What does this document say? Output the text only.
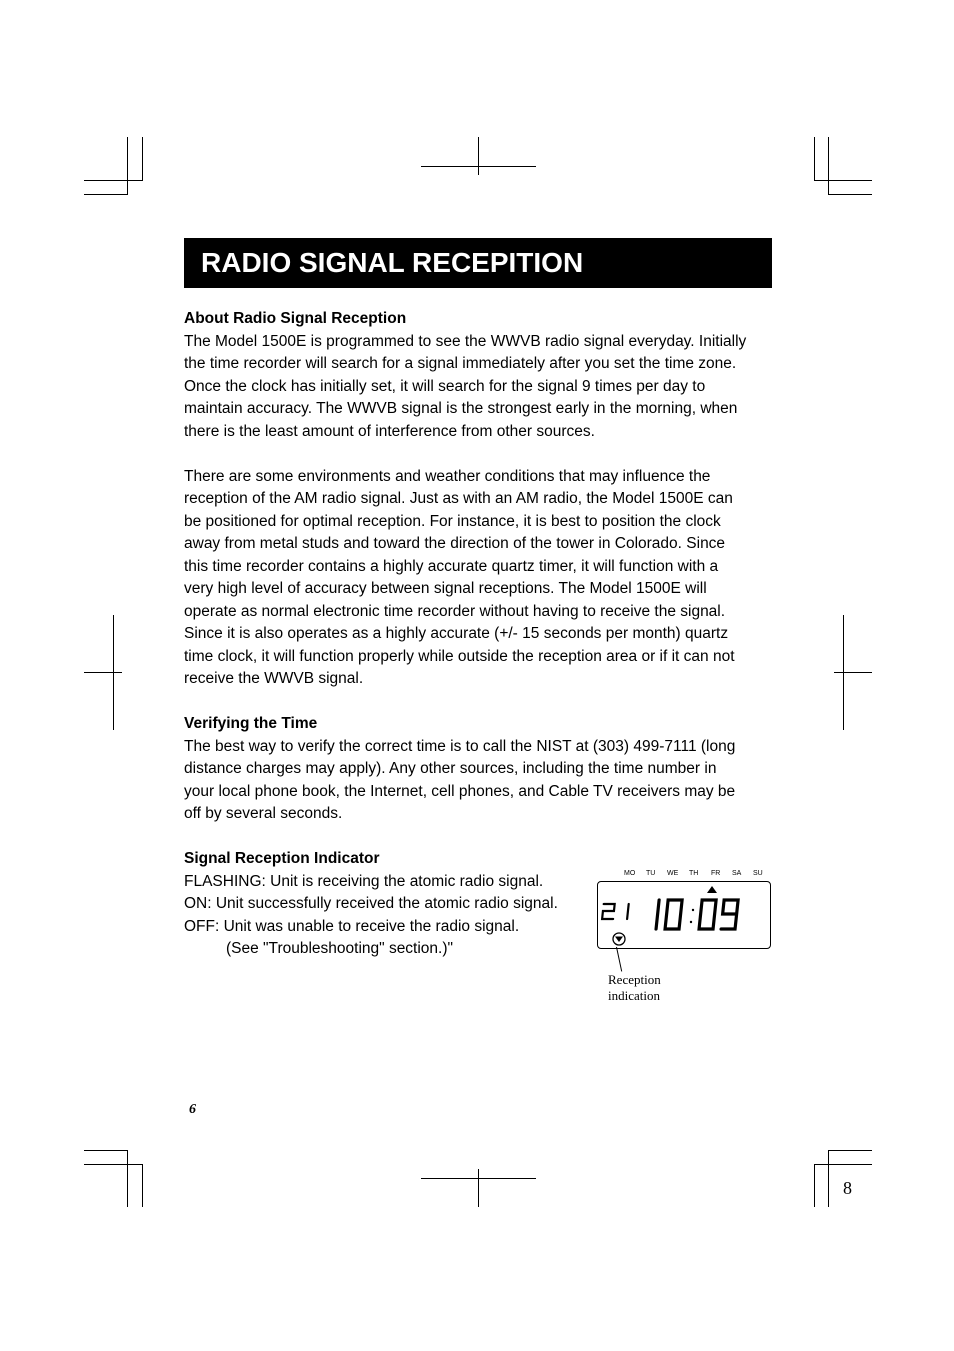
RADIO SIGNAL RECEPITION

About Radio Signal Reception

The Model 1500E is programmed to see the WWVB radio signal everyday. Initially

the time recorder will search for a signal immediately after you set the time zone.

Once the clock has initially set, it will search for the signal 9 times per day to

maintain accuracy. The WWVB signal is the strongest early in the morning, when

there is the least amount of interference from other sources.

There are some environments and weather conditions that may influence the

reception of the AM radio signal. Just as with an AM radio, the Model 1500E can

be positioned for optimal reception. For instance, it is best to position the clock

away from metal studs and toward the direction of the tower in Colorado. Since

this time recorder contains a highly accurate quartz timer, it will function with a

very high level of accuracy between signal receptions. The Model 1500E will

operate as normal electronic time recorder without having to receive the signal.

Since it is also operates as a highly accurate (+/- 15 seconds per month) quartz

time clock, it will function properly while outside the reception area or if it can not

receive the WWVB signal.

Verifying the Time

The best way to verify the correct time is to call the NIST at (303) 499-7111 (long

distance charges may apply). Any other sources, including the time number in

your local phone book, the Internet, cell phones, and Cable TV receivers may be

off by several seconds.

Signal Reception Indicator

FLASHING: Unit is receiving the atomic radio signal.

ON: Unit successfully received the atomic radio signal.

OFF: Unit was unable to receive the radio signal.

(See "Troubleshooting" section.)"

MO TU WE TH FR SA SU
Reception
indication
6
8
